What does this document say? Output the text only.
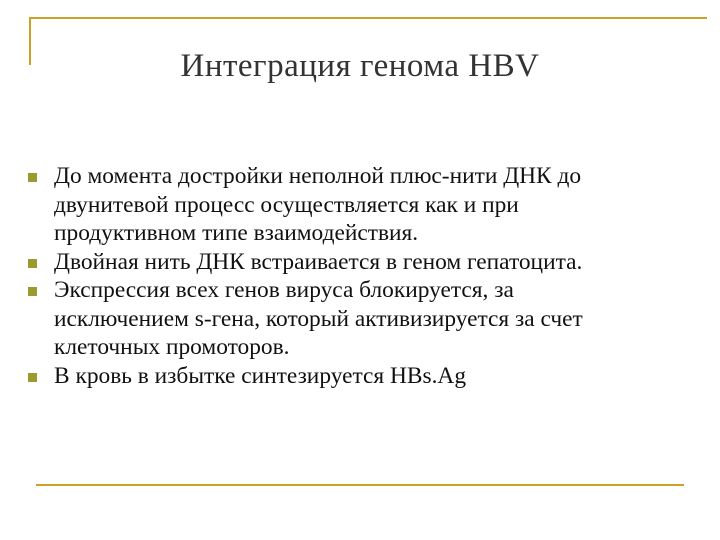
Интеграция генома HBV
До момента достройки неполной плюс-нити ДНК до
двунитевой процесс осуществляется как и при
продуктивном типе взаимодействия.
Двойная нить ДНК встраивается в геном гепатоцита.
Экспрессия всех генов вируса блокируется, за
исключением s-гена, который активизируется за счет
клеточных промоторов.
В кровь в избытке синтезируется HBs.Ag
